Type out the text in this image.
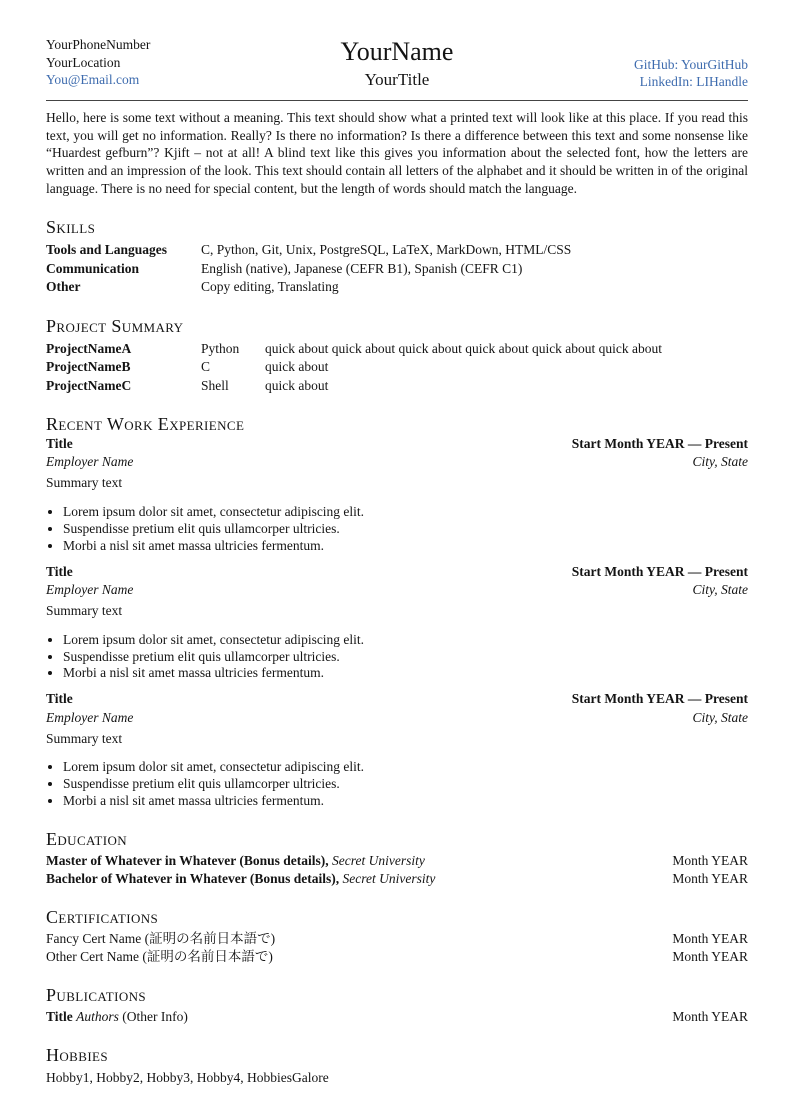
YourPhoneNumber
YourLocation
You@Email.com
YourName
YourTitle
GitHub: YourGitHub
LinkedIn: LIHandle

Hello, here is some text without a meaning. This text should show what a printed text will look like at this place. If you read this text, you will get no information. Really? Is there no information? Is there a difference between this text and some nonsense like “Huardest gefburn”? Kjift – not at all! A blind text like this gives you information about the selected font, how the letters are written and an impression of the look. This text should contain all letters of the alphabet and it should be written in of the original language. There is no need for special content, but the length of words should match the language.

Skills
Tools and Languages	C, Python, Git, Unix, PostgreSQL, LaTeX, MarkDown, HTML/CSS
Communication	English (native), Japanese (CEFR B1), Spanish (CEFR C1)
Other	Copy editing, Translating
Project Summary
ProjectNameA	Python	quick about quick about quick about quick about quick about quick about
ProjectNameB	C	quick about
ProjectNameC	Shell	quick about
Recent Work Experience
Title	Start Month YEAR — Present
Employer Name	City, State
Summary text
• Lorem ipsum dolor sit amet, consectetur adipiscing elit.
• Suspendisse pretium elit quis ullamcorper ultricies.
• Morbi a nisl sit amet massa ultricies fermentum.
Title	Start Month YEAR — Present
Employer Name	City, State
Summary text
• Lorem ipsum dolor sit amet, consectetur adipiscing elit.
• Suspendisse pretium elit quis ullamcorper ultricies.
• Morbi a nisl sit amet massa ultricies fermentum.
Title	Start Month YEAR — Present
Employer Name	City, State
Summary text
• Lorem ipsum dolor sit amet, consectetur adipiscing elit.
• Suspendisse pretium elit quis ullamcorper ultricies.
• Morbi a nisl sit amet massa ultricies fermentum.
Education
Master of Whatever in Whatever (Bonus details), Secret University	Month YEAR
Bachelor of Whatever in Whatever (Bonus details), Secret University	Month YEAR
Certifications
Fancy Cert Name (証明の名前日本語で)	Month YEAR
Other Cert Name (証明の名前日本語で)	Month YEAR
Publications
Title Authors (Other Info)	Month YEAR
Hobbies
Hobby1, Hobby2, Hobby3, Hobby4, HobbiesGalore
